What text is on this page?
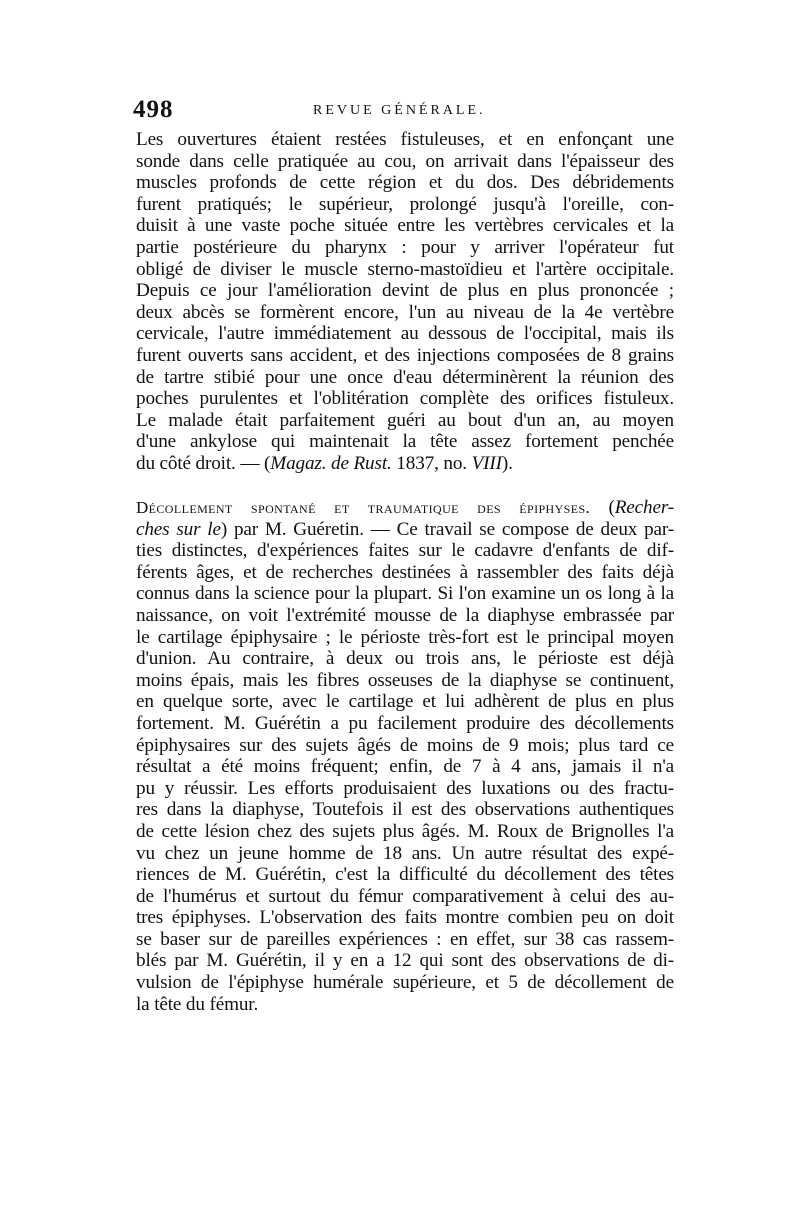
498	REVUE GÉNÉRALE.
Les ouvertures étaient restées fistuleuses, et en enfonçant une
sonde dans celle pratiquée au cou, on arrivait dans l'épaisseur des
muscles profonds de cette région et du dos. Des débridements
furent pratiqués; le supérieur, prolongé jusqu'à l'oreille, con-
duisit à une vaste poche située entre les vertèbres cervicales et la
partie postérieure du pharynx : pour y arriver l'opérateur fut
obligé de diviser le muscle sterno-mastoïdieu et l'artère occipitale.
Depuis ce jour l'amélioration devint de plus en plus prononcée ;
deux abcès se formèrent encore, l'un au niveau de la 4e vertèbre
cervicale, l'autre immédiatement au dessous de l'occipital, mais ils
furent ouverts sans accident, et des injections composées de 8 grains
de tartre stibié pour une once d'eau déterminèrent la réunion des
poches purulentes et l'oblitération complète des orifices fistuleux.
Le malade était parfaitement guéri au bout d'un an, au moyen
d'une ankylose qui maintenait la tête assez fortement penchée
du côté droit. — (Magaz. de Rust. 1837, no. VIII).
Décollement spontané et traumatique des épiphyses. (Recher-
ches sur le) par M. Guéretin. — Ce travail se compose de deux par-
ties distinctes, d'expériences faites sur le cadavre d'enfants de dif-
férents âges, et de recherches destinées à rassembler des faits déjà
connus dans la science pour la plupart. Si l'on examine un os long à la
naissance, on voit l'extrémité mousse de la diaphyse embrassée par
le cartilage épiphysaire ; le périoste très-fort est le principal moyen
d'union. Au contraire, à deux ou trois ans, le périoste est déjà
moins épais, mais les fibres osseuses de la diaphyse se continuent,
en quelque sorte, avec le cartilage et lui adhèrent de plus en plus
fortement. M. Guérétin a pu facilement produire des décollements
épiphysaires sur des sujets âgés de moins de 9 mois; plus tard ce
résultat a été moins fréquent; enfin, de 7 à 4 ans, jamais il n'a
pu y réussir. Les efforts produisaient des luxations ou des fractu-
res dans la diaphyse, Toutefois il est des observations authentiques
de cette lésion chez des sujets plus âgés. M. Roux de Brignolles l'a
vu chez un jeune homme de 18 ans. Un autre résultat des expé-
riences de M. Guérétin, c'est la difficulté du décollement des têtes
de l'humérus et surtout du fémur comparativement à celui des au-
tres épiphyses. L'observation des faits montre combien peu on doit
se baser sur de pareilles expériences : en effet, sur 38 cas rassem-
blés par M. Guérétin, il y en a 12 qui sont des observations de di-
vulsion de l'épiphyse humérale supérieure, et 5 de décollement de
la tête du fémur.
